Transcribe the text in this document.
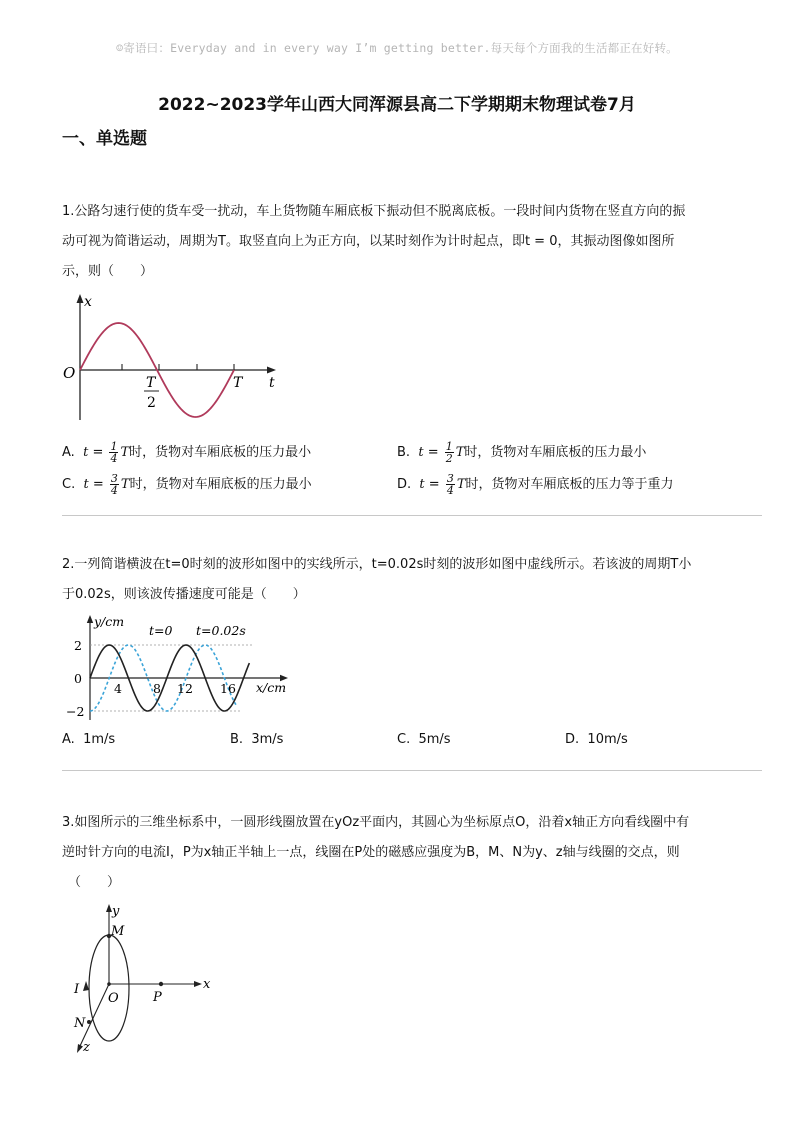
☺寄语曰：Everyday and in every way I’m getting better.每天每个方面我的生活都正在好转。
2022~2023学年山西大同浑源县高二下学期期末物理试卷7月
一、单选题
1.公路匀速行使的货车受一扰动，车上货物随车厢底板下振动但不脱离底板。一段时间内货物在竖直方向的振
动可视为简谐运动，周期为T。取竖直向上为正方向，以某时刻作为计时起点，即t = 0，其振动图像如图所
示，则（　　）
x
t
O
T
2
T
A. $t = \frac{1}{4}$ T时，货物对车厢底板的压力最小	B. $t = \frac{1}{2}$ T时，货物对车厢底板的压力最小
C. $t = \frac{3}{4}$ T时，货物对车厢底板的压力最小	D. $t = \frac{3}{4}$ T时，货物对车厢底板的压力等于重力
2.一列简谐横波在t=0时刻的波形如图中的实线所示，t=0.02s时刻的波形如图中虚线所示。若该波的周期T小
于0.02s，则该波传播速度可能是（　　）
y/cm
x/cm
t=0 t=0.02s
2
0
−2
4 8 12 16
A. 1m/s	B. 3m/s	C. 5m/s	D. 10m/s
3.如图所示的三维坐标系中，一圆形线圈放置在yOz平面内，其圆心为坐标原点O，沿着x轴正方向看线圈中有
逆时针方向的电流I，P为x轴正半轴上一点，线圈在P处的磁感应强度为B，M、N为y、z轴与线圈的交点，则
（　　）
y
x
z
M
O	P
N
I
